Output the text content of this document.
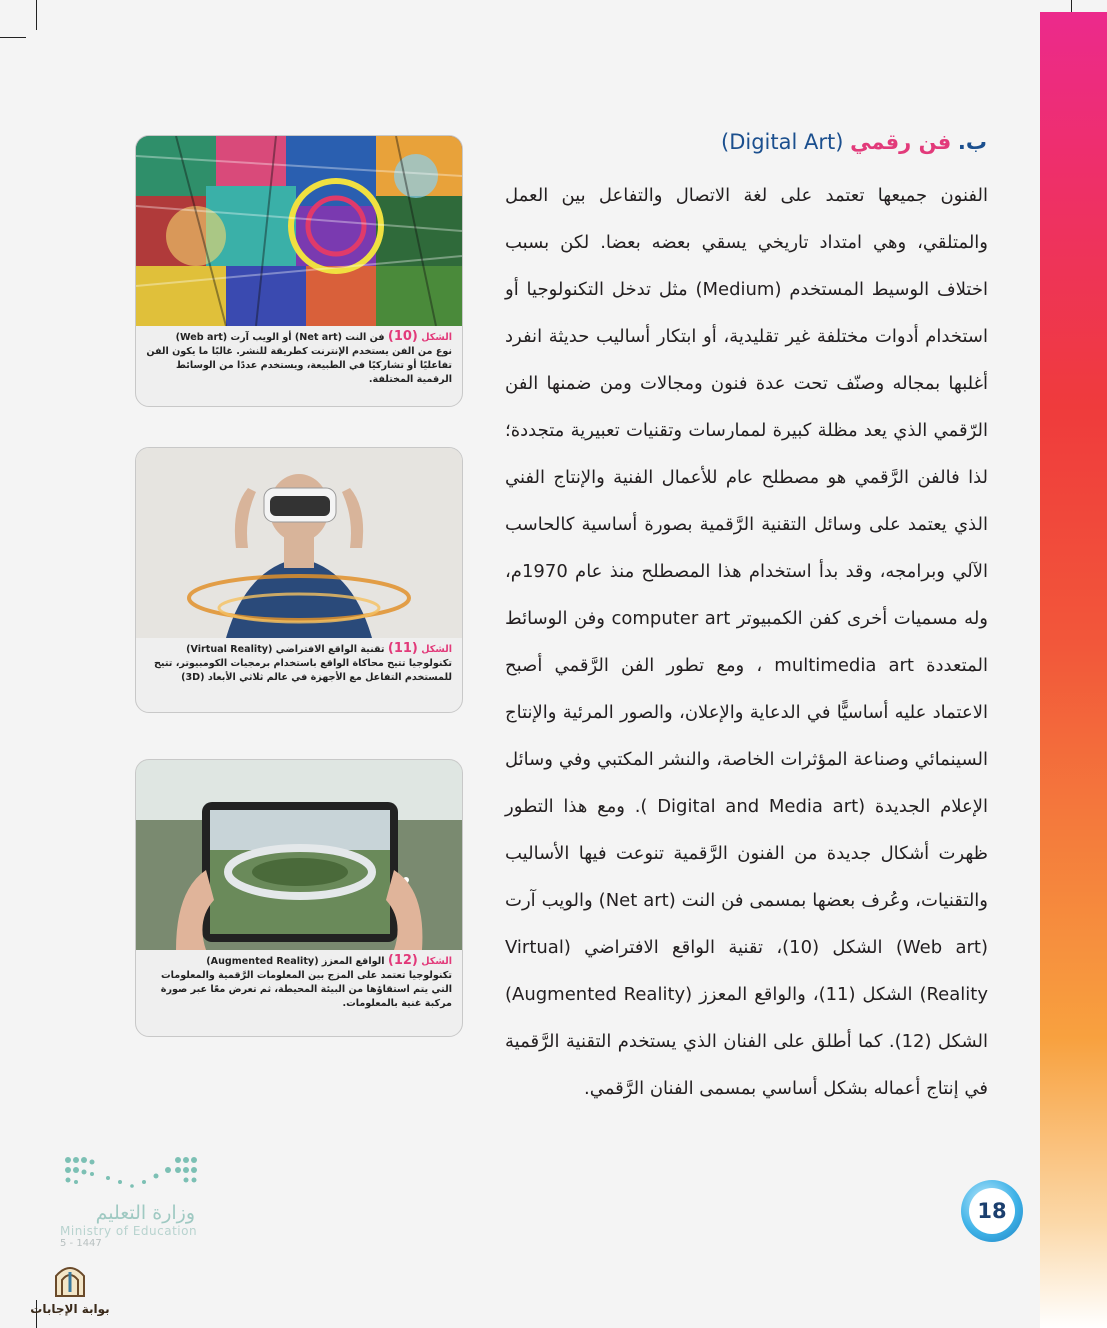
ب. فن رقمي (Digital Art)
الفنون جميعها تعتمد على لغة الاتصال والتفاعل بين العمل والمتلقي، وهي امتداد تاريخي يسقي بعضه بعضا. لكن بسبب اختلاف الوسيط المستخدم (Medium) مثل تدخل التكنولوجيا أو استخدام أدوات مختلفة غير تقليدية، أو ابتكار أساليب حديثة انفرد أغلبها بمجاله وصنّف تحت عدة فنون ومجالات ومن ضمنها الفن الرّقمي الذي يعد مظلة كبيرة لممارسات وتقنيات تعبيرية متجددة؛ لذا فالفن الرَّقمي هو مصطلح عام للأعمال الفنية والإنتاج الفني الذي يعتمد على وسائل التقنية الرَّقمية بصورة أساسية كالحاسب الآلي وبرامجه، وقد بدأ استخدام هذا المصطلح منذ عام 1970م، وله مسميات أخرى كفن الكمبيوتر computer art وفن الوسائط المتعددة multimedia art ، ومع تطور الفن الرَّقمي أصبح الاعتماد عليه أساسيًّا في الدعاية والإعلان، والصور المرئية والإنتاج السينمائي وصناعة المؤثرات الخاصة، والنشر المكتبي وفي وسائل الإعلام الجديدة (Digital and Media art ). ومع هذا التطور ظهرت أشكال جديدة من الفنون الرَّقمية تنوعت فيها الأساليب والتقنيات، وعُرف بعضها بمسمى فن النت (Net art) والويب آرت (Web art) الشكل (10)، تقنية الواقع الافتراضي (Virtual Reality) الشكل (11)، والواقع المعزز (Augmented Reality) الشكل (12). كما أطلق على الفنان الذي يستخدم التقنية الرَّقمية في إنتاج أعماله بشكل أساسي بمسمى الفنان الرَّقمي.
الشكل (10) فن النت (Net art) أو الويب آرت (Web art)
نوع من الفن يستخدم الإنترنت كطريقة للنشر. غالبًا ما يكون الفن تفاعليًا أو تشاركيًا في الطبيعة، ويستخدم عددًا من الوسائط الرقمية المختلفة.
الشكل (11) تقنية الواقع الافتراضي (Virtual Reality)
تكنولوجيا تتيح محاكاة الواقع باستخدام برمجيات الكومبيوتر، تتيح للمستخدم التفاعل مع الأجهزة في عالم ثلاثي الأبعاد (3D)
الشكل (12) الواقع المعزز (Augmented Reality)
تكنولوجيا تعتمد على المزج بين المعلومات الرَّقمية والمعلومات التي يتم استقاؤها من البيئة المحيطة، ثم تعرض معًا عبر صورة مركبة غنية بالمعلومات.
18
وزارة التعليم
Ministry of Education
5 - 1447
بوابة الإجابات
